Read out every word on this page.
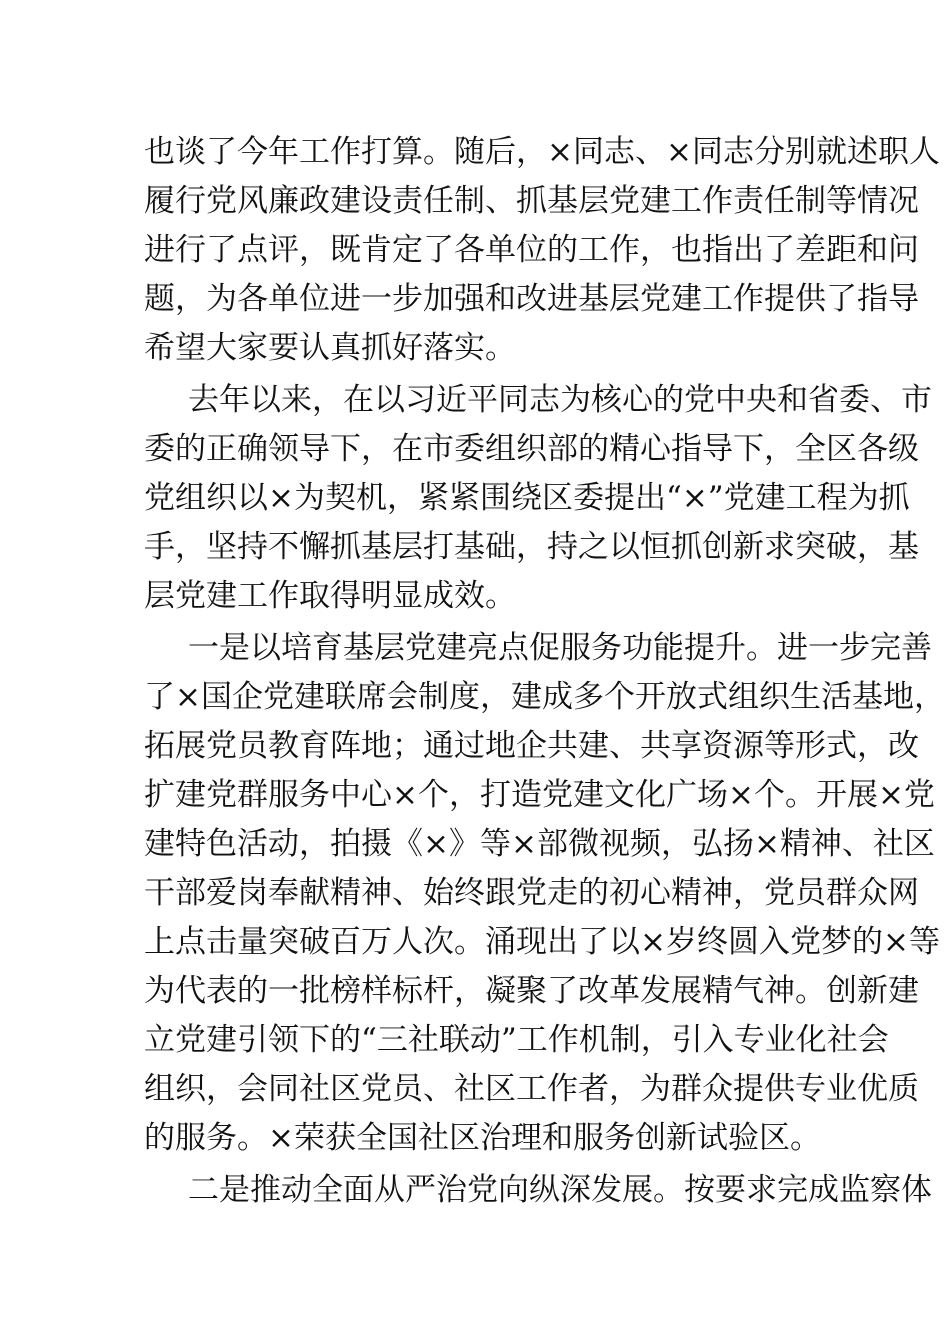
也谈了今年工作打算。随后，×同志、×同志分别就述职人
履行党风廉政建设责任制、抓基层党建工作责任制等情况
进行了点评，既肯定了各单位的工作，也指出了差距和问
题，为各单位进一步加强和改进基层党建工作提供了指导
希望大家要认真抓好落实。
去年以来，在以习近平同志为核心的党中央和省委、市
委的正确领导下，在市委组织部的精心指导下，全区各级
党组织以×为契机，紧紧围绕区委提出“×”党建工程为抓
手，坚持不懈抓基层打基础，持之以恒抓创新求突破，基
层党建工作取得明显成效。
一是以培育基层党建亮点促服务功能提升。进一步完善
了×国企党建联席会制度，建成多个开放式组织生活基地，
拓展党员教育阵地；通过地企共建、共享资源等形式，改
扩建党群服务中心×个，打造党建文化广场×个。开展×党
建特色活动，拍摄《×》等×部微视频，弘扬×精神、社区
干部爱岗奉献精神、始终跟党走的初心精神，党员群众网
上点击量突破百万人次。涌现出了以×岁终圆入党梦的×等
为代表的一批榜样标杆，凝聚了改革发展精气神。创新建
立党建引领下的“三社联动”工作机制，引入专业化社会
组织，会同社区党员、社区工作者，为群众提供专业优质
的服务。×荣获全国社区治理和服务创新试验区。
二是推动全面从严治党向纵深发展。按要求完成监察体
